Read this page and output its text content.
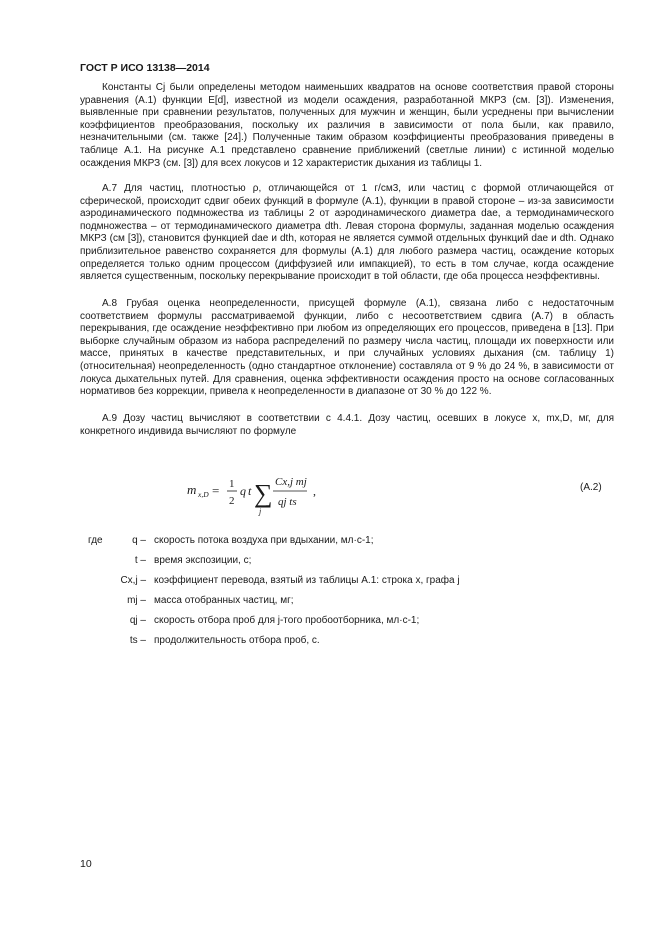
ГОСТ Р ИСО 13138—2014

Константы Cj были определены методом наименьших квадратов на основе соответствия правой стороны уравнения (А.1) функции E[d], известной из модели осаждения, разработанной МКРЗ (см. [3]). Изменения, выявленные при сравнении результатов, полученных для мужчин и женщин, были усреднены при вычислении коэффициентов преобразования, поскольку их различия в зависимости от пола были, как правило, незначительными (см. также [24].) Полученные таким образом коэффициенты преобразования приведены в таблице А.1. На рисунке А.1 представлено сравнение приближений (светлые линии) с истинной моделью осаждения МКРЗ (см. [3]) для всех локусов и 12 характеристик дыхания из таблицы 1.

А.7 Для частиц, плотностью ρ, отличающейся от 1 г/см3, или частиц с формой отличающейся от сферической, происходит сдвиг обеих функций в формуле (А.1), функции в правой стороне – из-за зависимости аэродинамического подмножества из таблицы 2 от аэродинамического диаметра dae, а термодинамического подмножества – от термодинамического диаметра dth. Левая сторона формулы, заданная моделью осаждения МКРЗ (см [3]), становится функцией dae и dth, которая не является суммой отдельных функций dae и dth. Однако приблизительное равенство сохраняется для формулы (А.1) для любого размера частиц, осаждение которых определяется только одним процессом (диффузией или импакцией), то есть в том случае, когда осаждение является существенным, поскольку перекрывание происходит в той области, где оба процесса неэффективны.

А.8 Грубая оценка неопределенности, присущей формуле (А.1), связана либо с недостаточным соответствием формулы рассматриваемой функции, либо с несоответствием сдвига (А.7) в область перекрывания, где осаждение неэффективно при любом из определяющих его процессов, приведена в [13]. При выборке случайным образом из набора распределений по размеру числа частиц, площади их поверхности или массе, принятых в качестве представительных, и при случайных условиях дыхания (см. таблицу 1) (относительная) неопределенность (одно стандартное отклонение) составляла от 9 % до 24 %, в зависимости от локуса дыхательных путей. Для сравнения, оценка эффективности осаждения просто на основе согласованных нормативов без коррекции, привела к неопределенности в диапазоне от 30 % до 122 %.

А.9 Дозу частиц вычисляют в соответствии с 4.4.1. Дозу частиц, осевших в локусе x, mx,D, мг, для конкретного индивида вычисляют по формуле

m x,D = 1
2
q t ∑
j
Cx,j mj
qj ts
,	(А.2)
где	q – скорость потока воздуха при вдыхании, мл·с-1;
t – время экспозиции, с;
Cx,j – коэффициент перевода, взятый из таблицы А.1: строка x, графа j
mj – масса отобранных частиц, мг;
qj – скорость отбора проб для j-того пробоотборника, мл·с-1;
ts – продолжительность отбора проб, с.
10
